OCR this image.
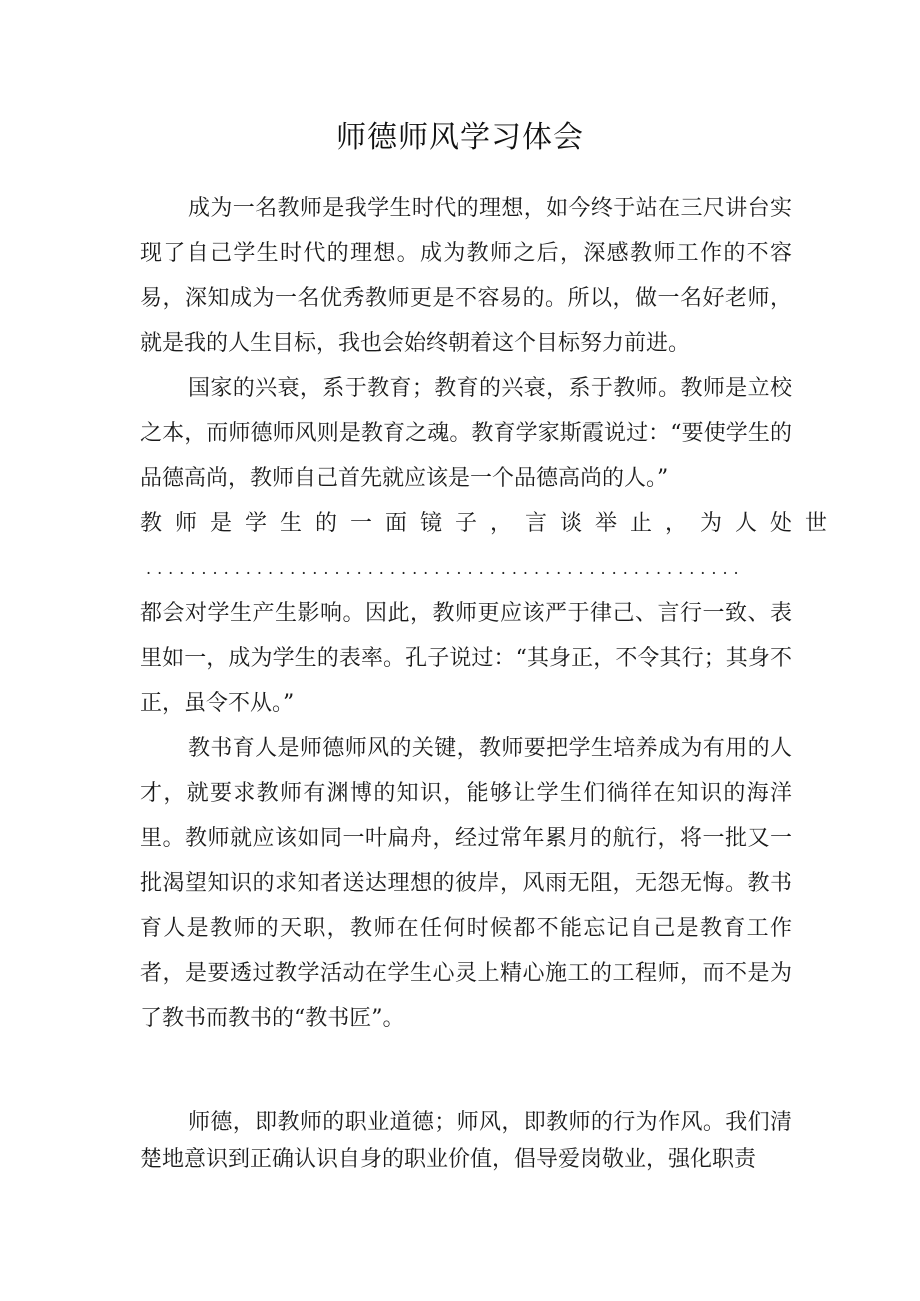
师德师风学习体会

成为一名教师是我学生时代的理想，如今终于站在三尺讲台实现了自己学生时代的理想。成为教师之后，深感教师工作的不容易，深知成为一名优秀教师更是不容易的。所以，做一名好老师，就是我的人生目标，我也会始终朝着这个目标努力前进。

国家的兴衰，系于教育；教育的兴衰，系于教师。教师是立校之本，而师德师风则是教育之魂。教育学家斯霞说过：“要使学生的品德高尚，教师自己首先就应该是一个品德高尚的人。”

教师是学生的一面镜子，言谈举止，为人处世

......................................................

都会对学生产生影响。因此，教师更应该严于律己、言行一致、表里如一，成为学生的表率。孔子说过：“其身正，不令其行；其身不正，虽令不从。”

教书育人是师德师风的关键，教师要把学生培养成为有用的人才，就要求教师有渊博的知识，能够让学生们徜徉在知识的海洋里。教师就应该如同一叶扁舟，经过常年累月的航行，将一批又一批渴望知识的求知者送达理想的彼岸，风雨无阻，无怨无悔。教书育人是教师的天职，教师在任何时候都不能忘记自己是教育工作者，是要透过教学活动在学生心灵上精心施工的工程师，而不是为了教书而教书的“教书匠”。

师德，即教师的职业道德；师风，即教师的行为作风。我们清楚地意识到正确认识自身的职业价值，倡导爱岗敬业，强化职责
